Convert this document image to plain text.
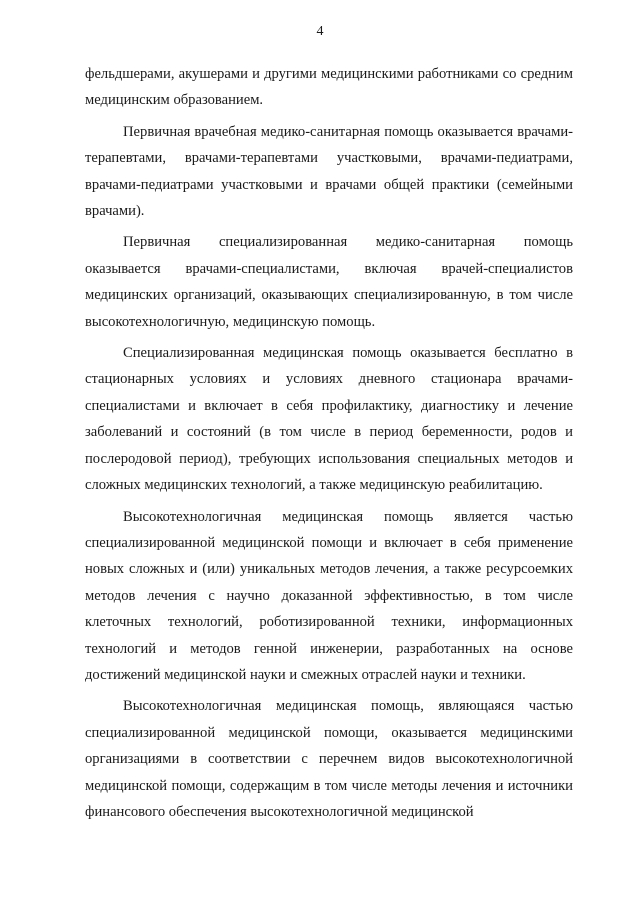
4

фельдшерами, акушерами и другими медицинскими работниками со средним медицинским образованием.

Первичная врачебная медико-санитарная помощь оказывается врачами-терапевтами, врачами-терапевтами участковыми, врачами-педиатрами, врачами-педиатрами участковыми и врачами общей практики (семейными врачами).

Первичная специализированная медико-санитарная помощь оказывается врачами-специалистами, включая врачей-специалистов медицинских организаций, оказывающих специализированную, в том числе высокотехнологичную, медицинскую помощь.

Специализированная медицинская помощь оказывается бесплатно в стационарных условиях и условиях дневного стационара врачами-специалистами и включает в себя профилактику, диагностику и лечение заболеваний и состояний (в том числе в период беременности, родов и послеродовой период), требующих использования специальных методов и сложных медицинских технологий, а также медицинскую реабилитацию.

Высокотехнологичная медицинская помощь является частью специализированной медицинской помощи и включает в себя применение новых сложных и (или) уникальных методов лечения, а также ресурсоемких методов лечения с научно доказанной эффективностью, в том числе клеточных технологий, роботизированной техники, информационных технологий и методов генной инженерии, разработанных на основе достижений медицинской науки и смежных отраслей науки и техники.

Высокотехнологичная медицинская помощь, являющаяся частью специализированной медицинской помощи, оказывается медицинскими организациями в соответствии с перечнем видов высокотехнологичной медицинской помощи, содержащим в том числе методы лечения и источники финансового обеспечения высокотехнологичной медицинской
